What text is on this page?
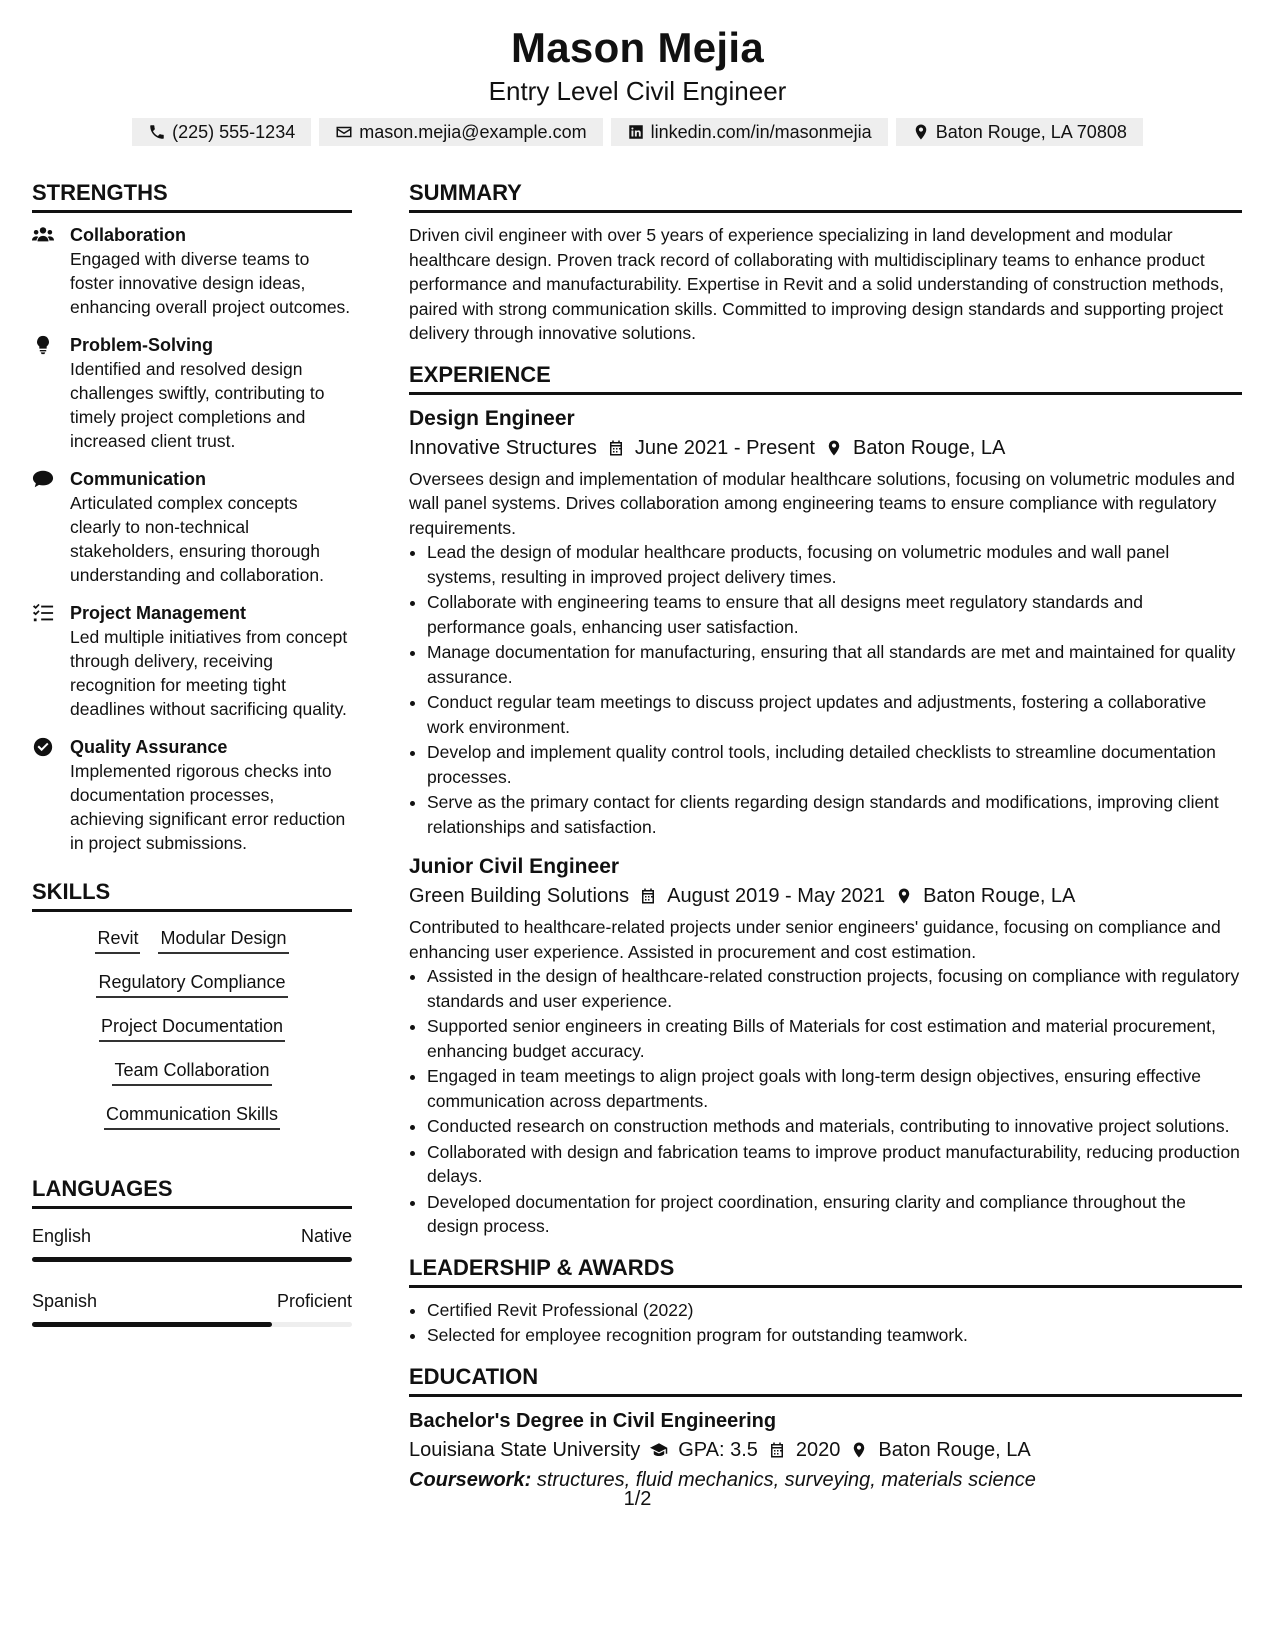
Mason Mejia
Entry Level Civil Engineer
(225) 555-1234	mason.mejia@example.com	linkedin.com/in/masonmejia	Baton Rouge, LA 70808
STRENGTHS
Collaboration
Engaged with diverse teams to foster innovative design ideas, enhancing overall project outcomes.
Problem-Solving
Identified and resolved design challenges swiftly, contributing to timely project completions and increased client trust.
Communication
Articulated complex concepts clearly to non-technical stakeholders, ensuring thorough understanding and collaboration.
Project Management
Led multiple initiatives from concept through delivery, receiving recognition for meeting tight deadlines without sacrificing quality.
Quality Assurance
Implemented rigorous checks into documentation processes, achieving significant error reduction in project submissions.
SKILLS
Revit Modular Design
Regulatory Compliance
Project Documentation
Team Collaboration
Communication Skills
LANGUAGES
English	Native
Spanish	Proficient
SUMMARY
Driven civil engineer with over 5 years of experience specializing in land development and modular healthcare design. Proven track record of collaborating with multidisciplinary teams to enhance product performance and manufacturability. Expertise in Revit and a solid understanding of construction methods, paired with strong communication skills. Committed to improving design standards and supporting project delivery through innovative solutions.
EXPERIENCE
Design Engineer
Innovative Structures June 2021 - Present Baton Rouge, LA
Oversees design and implementation of modular healthcare solutions, focusing on volumetric modules and wall panel systems. Drives collaboration among engineering teams to ensure compliance with regulatory requirements.
• Lead the design of modular healthcare products, focusing on volumetric modules and wall panel systems, resulting in improved project delivery times.
• Collaborate with engineering teams to ensure that all designs meet regulatory standards and performance goals, enhancing user satisfaction.
• Manage documentation for manufacturing, ensuring that all standards are met and maintained for quality assurance.
• Conduct regular team meetings to discuss project updates and adjustments, fostering a collaborative work environment.
• Develop and implement quality control tools, including detailed checklists to streamline documentation processes.
• Serve as the primary contact for clients regarding design standards and modifications, improving client relationships and satisfaction.
Junior Civil Engineer
Green Building Solutions August 2019 - May 2021 Baton Rouge, LA
Contributed to healthcare-related projects under senior engineers' guidance, focusing on compliance and enhancing user experience. Assisted in procurement and cost estimation.
• Assisted in the design of healthcare-related construction projects, focusing on compliance with regulatory standards and user experience.
• Supported senior engineers in creating Bills of Materials for cost estimation and material procurement, enhancing budget accuracy.
• Engaged in team meetings to align project goals with long-term design objectives, ensuring effective communication across departments.
• Conducted research on construction methods and materials, contributing to innovative project solutions.
• Collaborated with design and fabrication teams to improve product manufacturability, reducing production delays.
• Developed documentation for project coordination, ensuring clarity and compliance throughout the design process.
LEADERSHIP & AWARDS
• Certified Revit Professional (2022)
• Selected for employee recognition program for outstanding teamwork.
EDUCATION
Bachelor's Degree in Civil Engineering
Louisiana State University GPA: 3.5 2020 Baton Rouge, LA
Coursework: structures, fluid mechanics, surveying, materials science
1/2
